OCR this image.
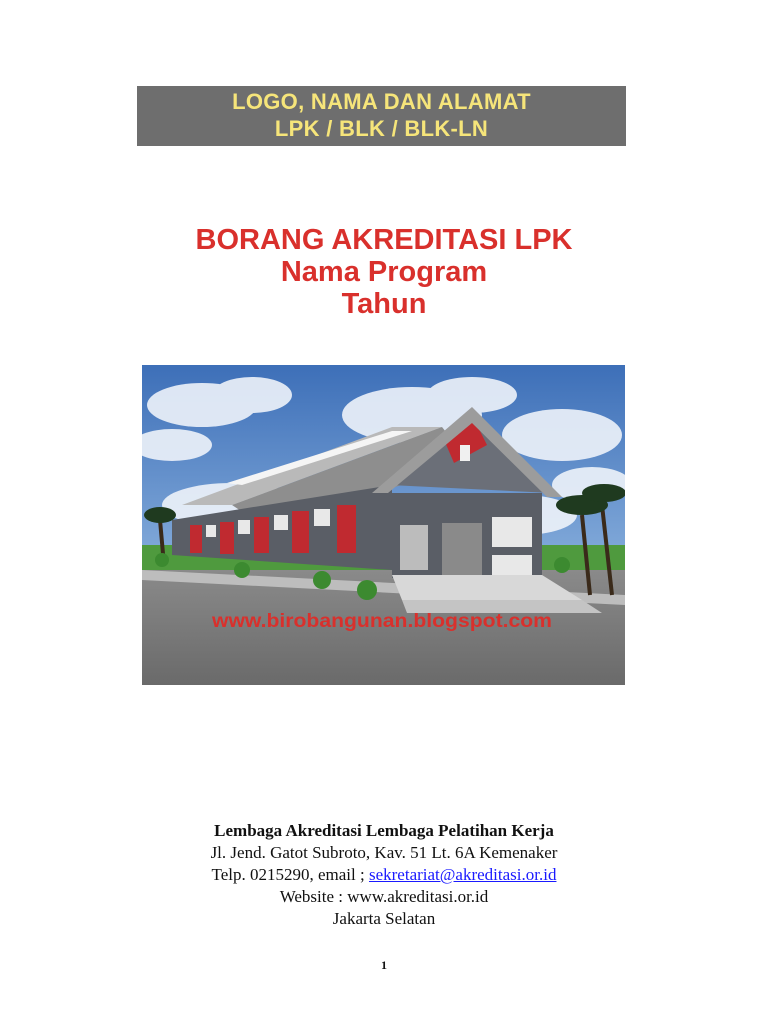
LOGO, NAMA DAN ALAMAT
LPK / BLK / BLK-LN
BORANG AKREDITASI LPK
Nama Program
Tahun
www.birobangunan.blogspot.com
Lembaga Akreditasi Lembaga Pelatihan Kerja
Jl. Jend. Gatot Subroto, Kav. 51 Lt. 6A Kemenaker
Telp. 0215290, email ; sekretariat@akreditasi.or.id
Website : www.akreditasi.or.id
Jakarta Selatan
1
